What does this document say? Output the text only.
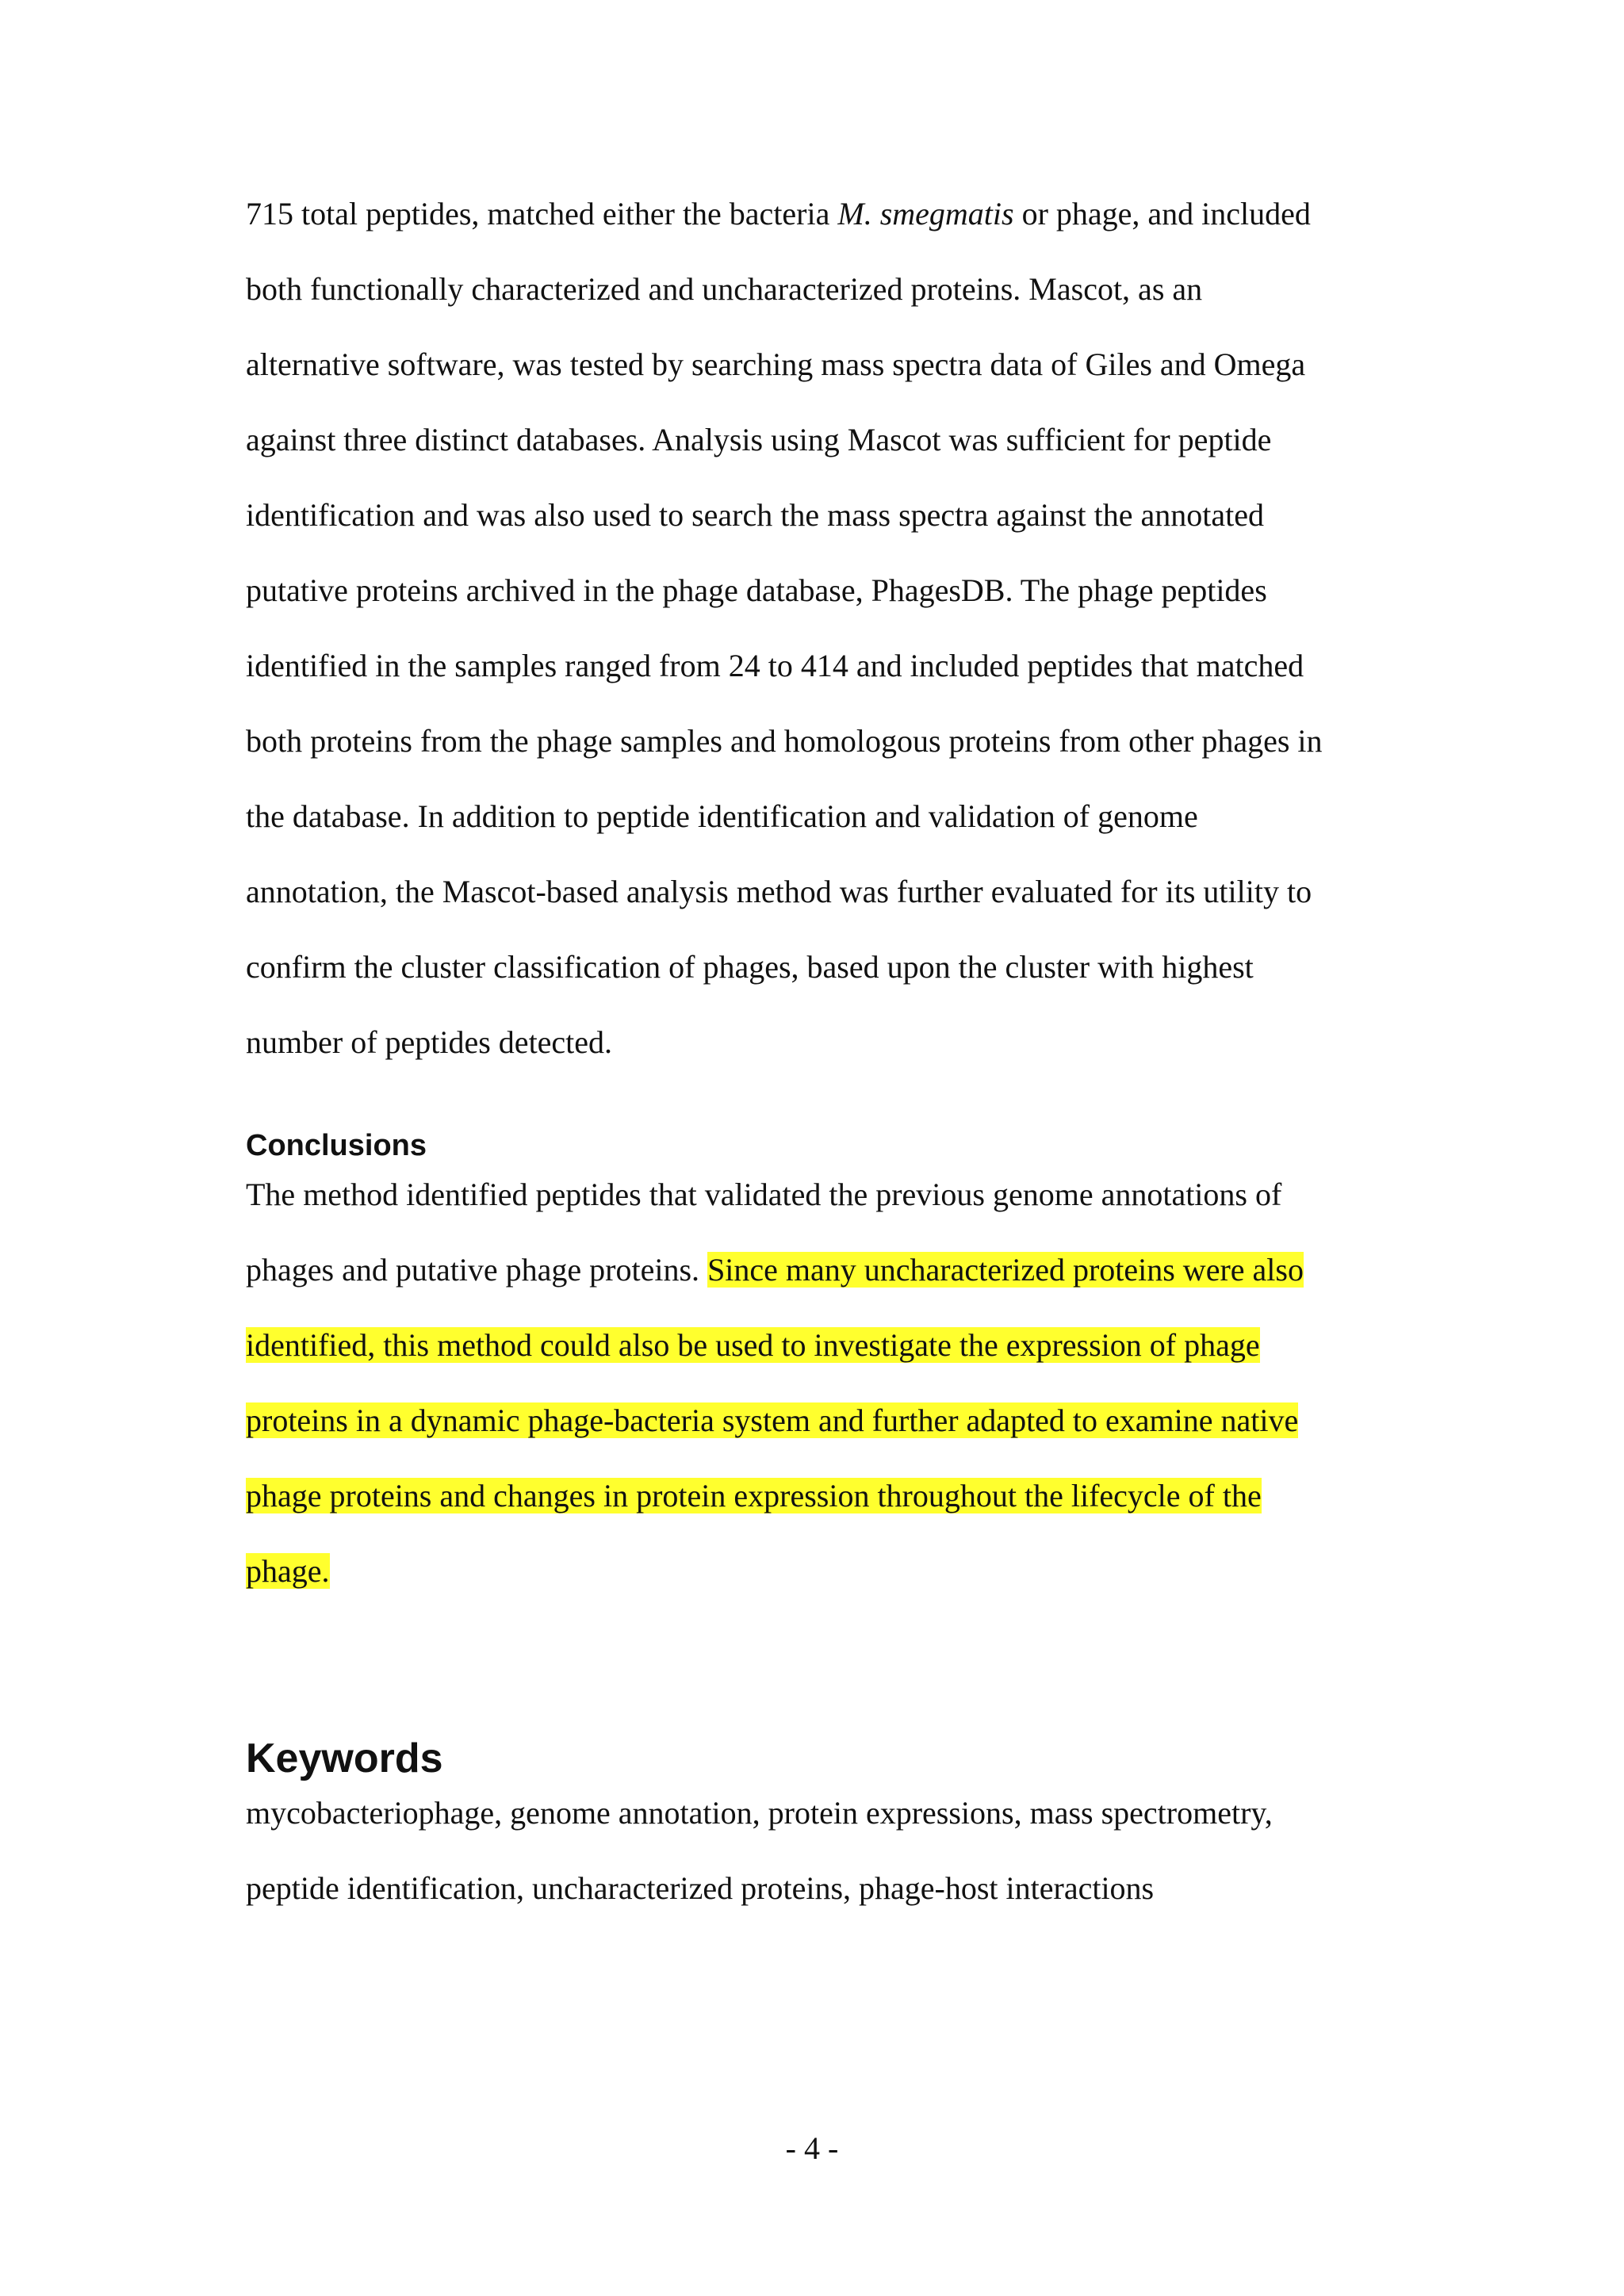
715 total peptides, matched either the bacteria M. smegmatis or phage, and included

both functionally characterized and uncharacterized proteins. Mascot, as an

alternative software, was tested by searching mass spectra data of Giles and Omega

against three distinct databases. Analysis using Mascot was sufficient for peptide

identification and was also used to search the mass spectra against the annotated

putative proteins archived in the phage database, PhagesDB. The phage peptides

identified in the samples ranged from 24 to 414 and included peptides that matched

both proteins from the phage samples and homologous proteins from other phages in

the database. In addition to peptide identification and validation of genome

annotation, the Mascot-based analysis method was further evaluated for its utility to

confirm the cluster classification of phages, based upon the cluster with highest

number of peptides detected.

Conclusions

The method identified peptides that validated the previous genome annotations of

phages and putative phage proteins. Since many uncharacterized proteins were also

identified, this method could also be used to investigate the expression of phage

proteins in a dynamic phage-bacteria system and further adapted to examine native

phage proteins and changes in protein expression throughout the lifecycle of the

phage.

Keywords

mycobacteriophage, genome annotation, protein expressions, mass spectrometry,

peptide identification, uncharacterized proteins, phage-host interactions

- 4 -
